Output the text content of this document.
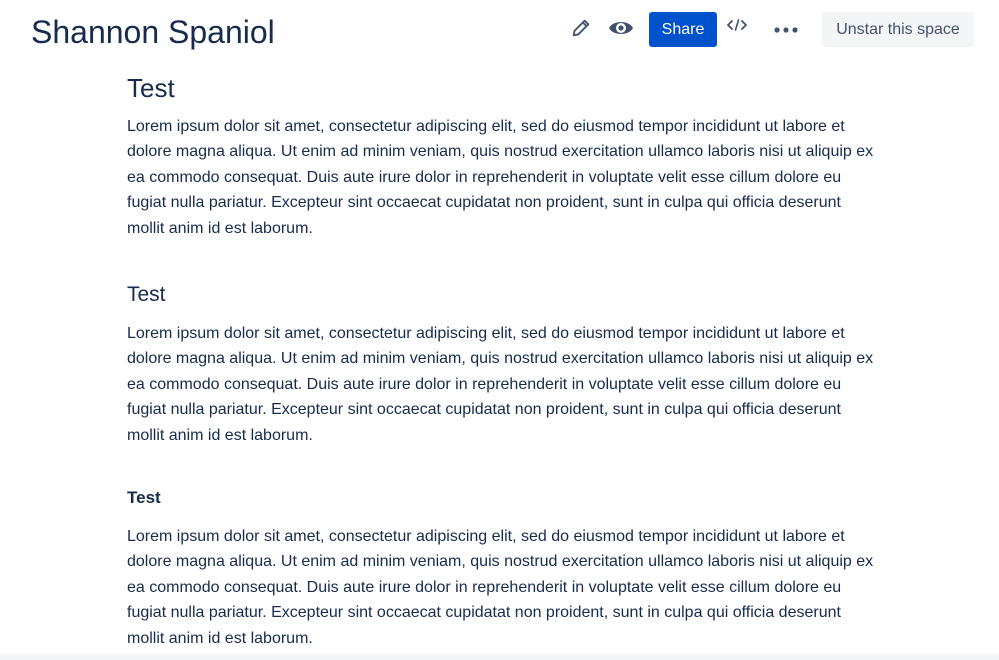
Shannon Spaniol	Share	Unstar this space
Test

Lorem ipsum dolor sit amet, consectetur adipiscing elit, sed do eiusmod tempor incididunt ut labore et dolore magna aliqua. Ut enim ad minim veniam, quis nostrud exercitation ullamco laboris nisi ut aliquip ex ea commodo consequat. Duis aute irure dolor in reprehenderit in voluptate velit esse cillum dolore eu fugiat nulla pariatur. Excepteur sint occaecat cupidatat non proident, sunt in culpa qui officia deserunt mollit anim id est laborum.

Test

Lorem ipsum dolor sit amet, consectetur adipiscing elit, sed do eiusmod tempor incididunt ut labore et dolore magna aliqua. Ut enim ad minim veniam, quis nostrud exercitation ullamco laboris nisi ut aliquip ex ea commodo consequat. Duis aute irure dolor in reprehenderit in voluptate velit esse cillum dolore eu fugiat nulla pariatur. Excepteur sint occaecat cupidatat non proident, sunt in culpa qui officia deserunt mollit anim id est laborum.

Test

Lorem ipsum dolor sit amet, consectetur adipiscing elit, sed do eiusmod tempor incididunt ut labore et dolore magna aliqua. Ut enim ad minim veniam, quis nostrud exercitation ullamco laboris nisi ut aliquip ex ea commodo consequat. Duis aute irure dolor in reprehenderit in voluptate velit esse cillum dolore eu fugiat nulla pariatur. Excepteur sint occaecat cupidatat non proident, sunt in culpa qui officia deserunt mollit anim id est laborum.
